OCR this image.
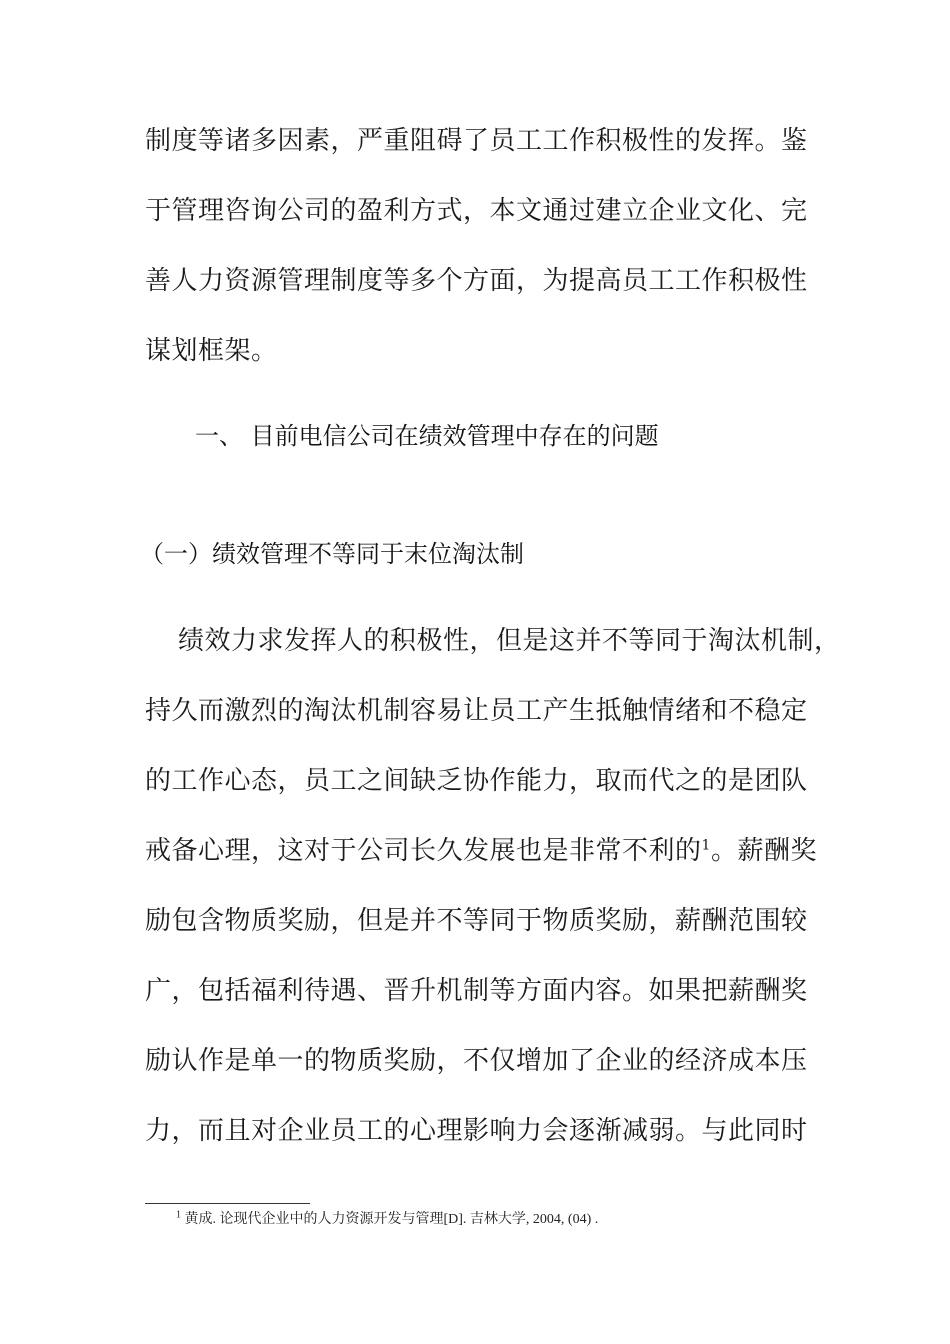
制度等诸多因素，严重阻碍了员工工作积极性的发挥。鉴
于管理咨询公司的盈利方式，本文通过建立企业文化、完
善人力资源管理制度等多个方面，为提高员工工作积极性
谋划框架。
一、 目前电信公司在绩效管理中存在的问题
（一）绩效管理不等同于末位淘汰制
绩效力求发挥人的积极性，但是这并不等同于淘汰机制，
持久而激烈的淘汰机制容易让员工产生抵触情绪和不稳定
的工作心态，员工之间缺乏协作能力，取而代之的是团队
戒备心理，这对于公司长久发展也是非常不利的$^1$。薪酬奖
励包含物质奖励，但是并不等同于物质奖励，薪酬范围较
广，包括福利待遇、晋升机制等方面内容。如果把薪酬奖
励认作是单一的物质奖励，不仅增加了企业的经济成本压
力，而且对企业员工的心理影响力会逐渐减弱。与此同时
$^1$ 黄成. 论现代企业中的人力资源开发与管理[D]. 吉林大学, 2004, (04) .
